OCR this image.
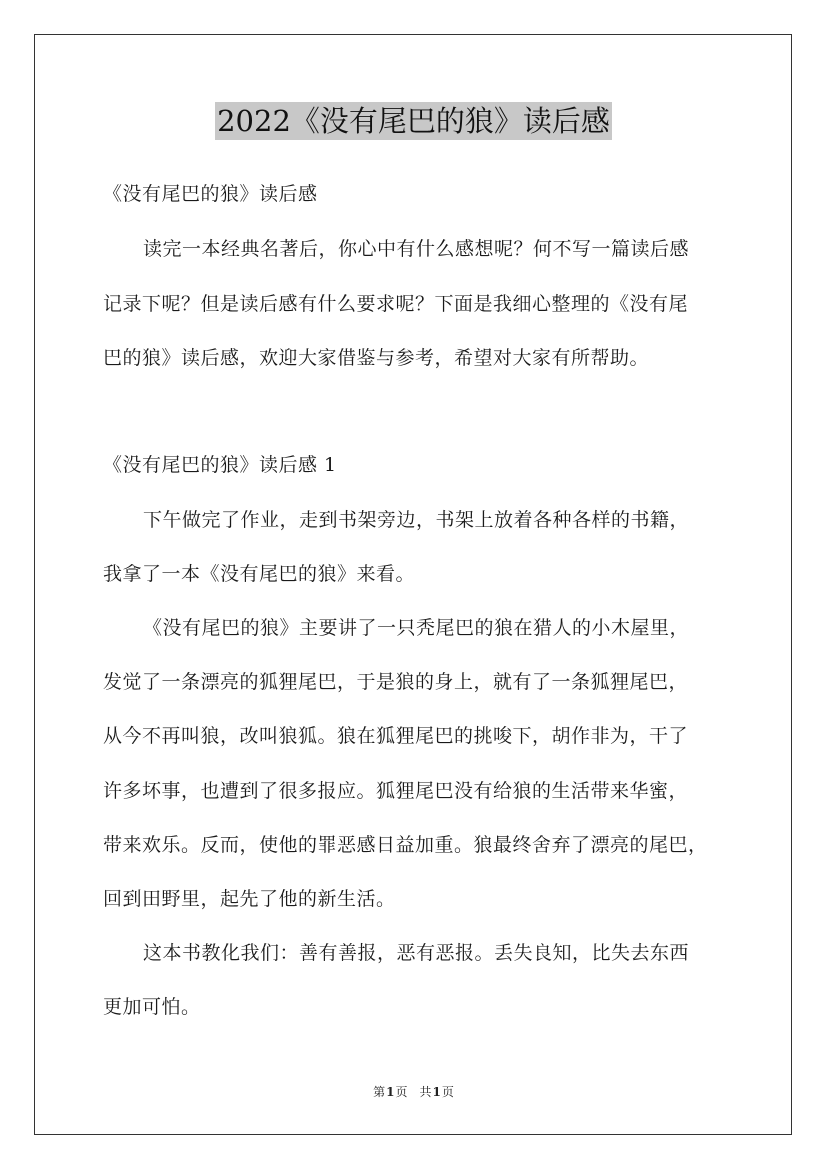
2022《没有尾巴的狼》读后感
《没有尾巴的狼》读后感
读完一本经典名著后，你心中有什么感想呢？何不写一篇读后感
记录下呢？但是读后感有什么要求呢？下面是我细心整理的《没有尾
巴的狼》读后感，欢迎大家借鉴与参考，希望对大家有所帮助。
《没有尾巴的狼》读后感 1
下午做完了作业，走到书架旁边，书架上放着各种各样的书籍，
我拿了一本《没有尾巴的狼》来看。
《没有尾巴的狼》主要讲了一只秃尾巴的狼在猎人的小木屋里，
发觉了一条漂亮的狐狸尾巴，于是狼的身上，就有了一条狐狸尾巴，
从今不再叫狼，改叫狼狐。狼在狐狸尾巴的挑唆下，胡作非为，干了
许多坏事，也遭到了很多报应。狐狸尾巴没有给狼的生活带来华蜜，
带来欢乐。反而，使他的罪恶感日益加重。狼最终舍弃了漂亮的尾巴，
回到田野里，起先了他的新生活。
这本书教化我们：善有善报，恶有恶报。丢失良知，比失去东西
更加可怕。
第1页 共1页
